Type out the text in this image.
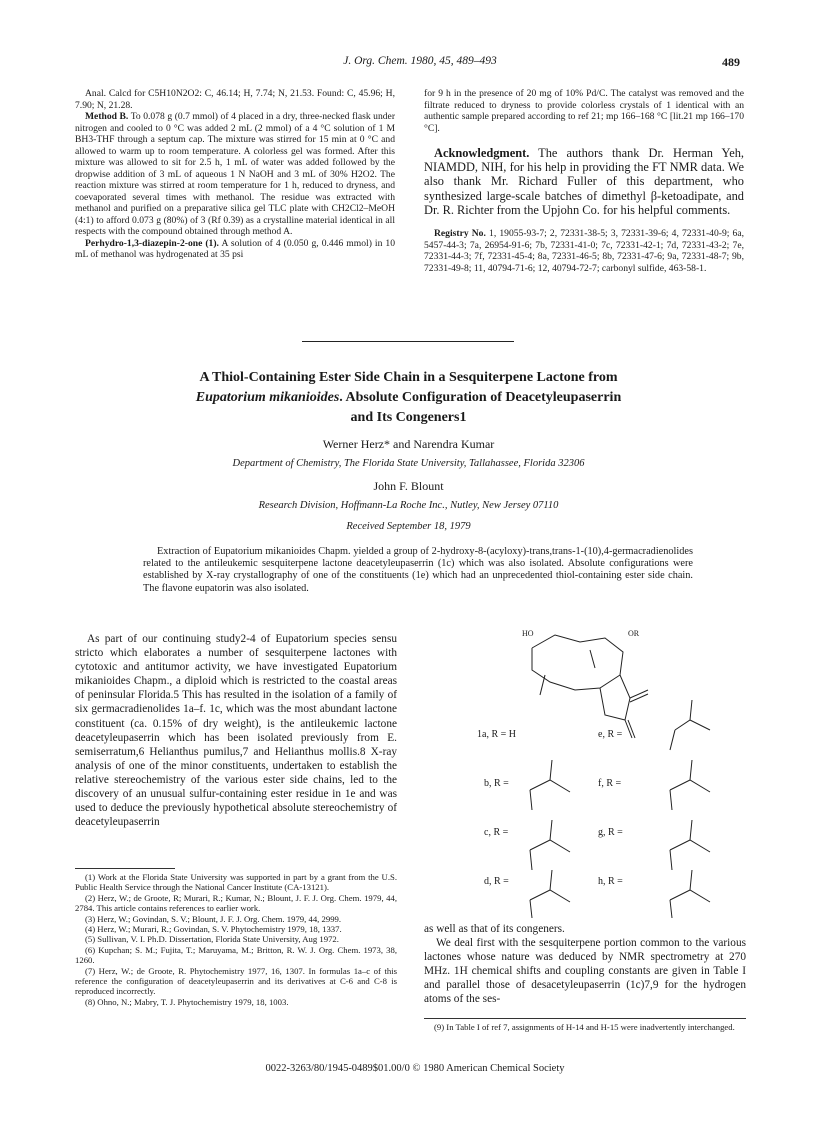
J. Org. Chem. 1980, 45, 489–493	489

Anal. Calcd for C5H10N2O2: C, 46.14; H, 7.74; N, 21.53. Found: C, 45.96; H, 7.90; N, 21.28.

Method B. To 0.078 g (0.7 mmol) of 4 placed in a dry, three-necked flask under nitrogen and cooled to 0 °C was added 2 mL (2 mmol) of a 4 °C solution of 1 M BH3-THF through a septum cap. The mixture was stirred for 15 min at 0 °C and allowed to warm up to room temperature. A colorless gel was formed. After this mixture was allowed to sit for 2.5 h, 1 mL of water was added followed by the dropwise addition of 3 mL of aqueous 1 N NaOH and 3 mL of 30% H2O2. The reaction mixture was stirred at room temperature for 1 h, reduced to dryness, and coevaporated several times with methanol. The residue was extracted with methanol and purified on a preparative silica gel TLC plate with CH2Cl2–MeOH (4:1) to afford 0.073 g (80%) of 3 (Rf 0.39) as a crystalline material identical in all respects with the compound obtained through method A.

Perhydro-1,3-diazepin-2-one (1). A solution of 4 (0.050 g, 0.446 mmol) in 10 mL of methanol was hydrogenated at 35 psi

for 9 h in the presence of 20 mg of 10% Pd/C. The catalyst was removed and the filtrate reduced to dryness to provide colorless crystals of 1 identical with an authentic sample prepared according to ref 21; mp 166–168 °C [lit.21 mp 166–170 °C].

Acknowledgment. The authors thank Dr. Herman Yeh, NIAMDD, NIH, for his help in providing the FT NMR data. We also thank Mr. Richard Fuller of this department, who synthesized large-scale batches of dimethyl β-ketoadipate, and Dr. R. Richter from the Upjohn Co. for his helpful comments.

Registry No. 1, 19055-93-7; 2, 72331-38-5; 3, 72331-39-6; 4, 72331-40-9; 6a, 5457-44-3; 7a, 26954-91-6; 7b, 72331-41-0; 7c, 72331-42-1; 7d, 72331-43-2; 7e, 72331-44-3; 7f, 72331-45-4; 8a, 72331-46-5; 8b, 72331-47-6; 9a, 72331-48-7; 9b, 72331-49-8; 11, 40794-71-6; 12, 40794-72-7; carbonyl sulfide, 463-58-1.

A Thiol-Containing Ester Side Chain in a Sesquiterpene Lactone from
Eupatorium mikanioides. Absolute Configuration of Deacetyleupaserrin
and Its Congeners1
Werner Herz* and Narendra Kumar
Department of Chemistry, The Florida State University, Tallahassee, Florida 32306
John F. Blount
Research Division, Hoffmann-La Roche Inc., Nutley, New Jersey 07110
Received September 18, 1979
Extraction of Eupatorium mikanioides Chapm. yielded a group of 2-hydroxy-8-(acyloxy)-trans,trans-1-(10),4-germacradienolides related to the antileukemic sesquiterpene lactone deacetyleupaserrin (1c) which was also isolated. Absolute configurations were established by X-ray crystallography of one of the constituents (1e) which had an unprecedented thiol-containing ester side chain. The flavone eupatorin was also isolated.
As part of our continuing study2-4 of Eupatorium species sensu stricto which elaborates a number of sesquiterpene lactones with cytotoxic and antitumor activity, we have investigated Eupatorium mikanioides Chapm., a diploid which is restricted to the coastal areas of peninsular Florida.5 This has resulted in the isolation of a family of six germacradienolides 1a–f. 1c, which was the most abundant lactone constituent (ca. 0.15% of dry weight), is the antileukemic lactone deacetyleupaserrin which has been isolated previously from E. semiserratum,6 Helianthus pumilus,7 and Helianthus mollis.8 X-ray analysis of one of the minor constituents, undertaken to establish the relative stereochemistry of the various ester side chains, led to the discovery of an unusual sulfur-containing ester residue in 1e and was used to deduce the previously hypothetical absolute stereochemistry of deacetyleupaserrin

(1) Work at the Florida State University was supported in part by a grant from the U.S. Public Health Service through the National Cancer Institute (CA-13121).

(2) Herz, W.; de Groote, R; Murari, R.; Kumar, N.; Blount, J. F. J. Org. Chem. 1979, 44, 2784. This article contains references to earlier work.

(3) Herz, W.; Govindan, S. V.; Blount, J. F. J. Org. Chem. 1979, 44, 2999.

(4) Herz, W.; Murari, R.; Govindan, S. V. Phytochemistry 1979, 18, 1337.

(5) Sullivan, V. I. Ph.D. Dissertation, Florida State University, Aug 1972.

(6) Kupchan; S. M.; Fujita, T.; Maruyama, M.; Britton, R. W. J. Org. Chem. 1973, 38, 1260.

(7) Herz, W.; de Groote, R. Phytochemistry 1977, 16, 1307. In formulas 1a–c of this reference the configuration of deacetyleupaserrin and its derivatives at C-6 and C-8 is reproduced incorrectly.

(8) Ohno, N.; Mabry, T. J. Phytochemistry 1979, 18, 1003.

HO	OR
1a, R = H	e, R =
b, R =	f, R =
c, R =	g, R =
d, R =	h, R =

as well as that of its congeners.

We deal first with the sesquiterpene portion common to the various lactones whose nature was deduced by NMR spectrometry at 270 MHz. 1H chemical shifts and coupling constants are given in Table I and parallel those of desacetyleupaserrin (1c)7,9 for the hydrogen atoms of the ses-

(9) In Table I of ref 7, assignments of H-14 and H-15 were inadvertently interchanged.
0022-3263/80/1945-0489$01.00/0 © 1980 American Chemical Society
